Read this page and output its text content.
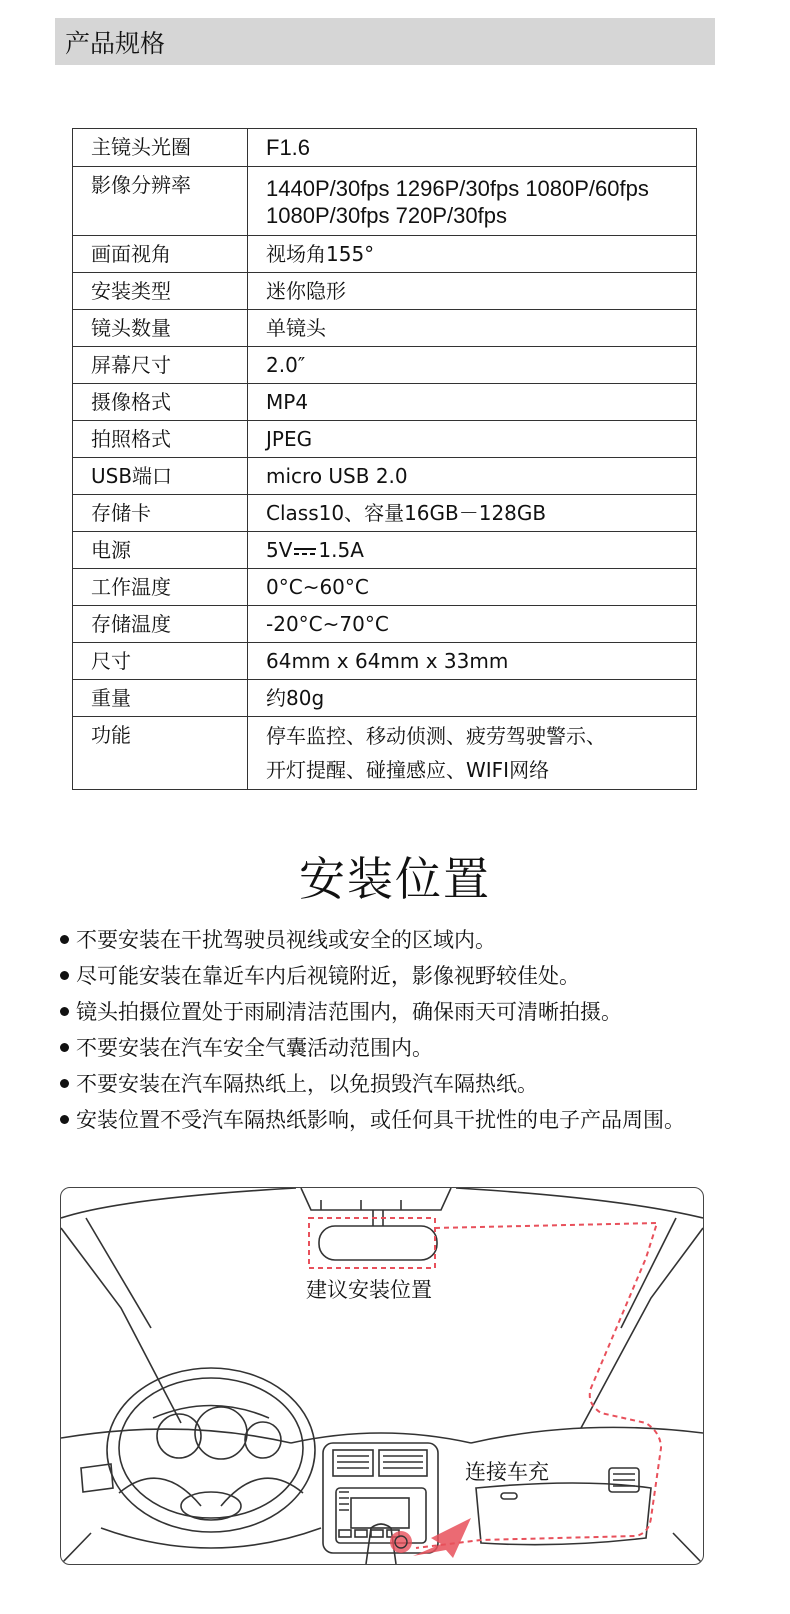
产品规格
主镜头光圈	F1.6

影像分辨率	1440P/30fps 1296P/30fps 1080P/60fps
1080P/30fps 720P/30fps

画面视角	视场角155°

安装类型	迷你隐形

镜头数量	单镜头

屏幕尺寸	2.0″

摄像格式	MP4

拍照格式	JPEG

USB端口	micro USB 2.0

存储卡	Class10、容量16GB－128GB

电源	5V 1.5A

工作温度	0°C~60°C

存储温度	-20°C~70°C

尺寸	64mm x 64mm x 33mm

重量	约80g

功能	停车监控、移动侦测、疲劳驾驶警示、
开灯提醒、碰撞感应、WIFI网络
安装位置
不要安装在干扰驾驶员视线或安全的区域内。
尽可能安装在靠近车内后视镜附近，影像视野较佳处。
镜头拍摄位置处于雨刷清洁范围内，确保雨天可清晰拍摄。
不要安装在汽车安全气囊活动范围内。
不要安装在汽车隔热纸上，以免损毁汽车隔热纸。
安装位置不受汽车隔热纸影响，或任何具干扰性的电子产品周围。
建议安装位置
连接车充
